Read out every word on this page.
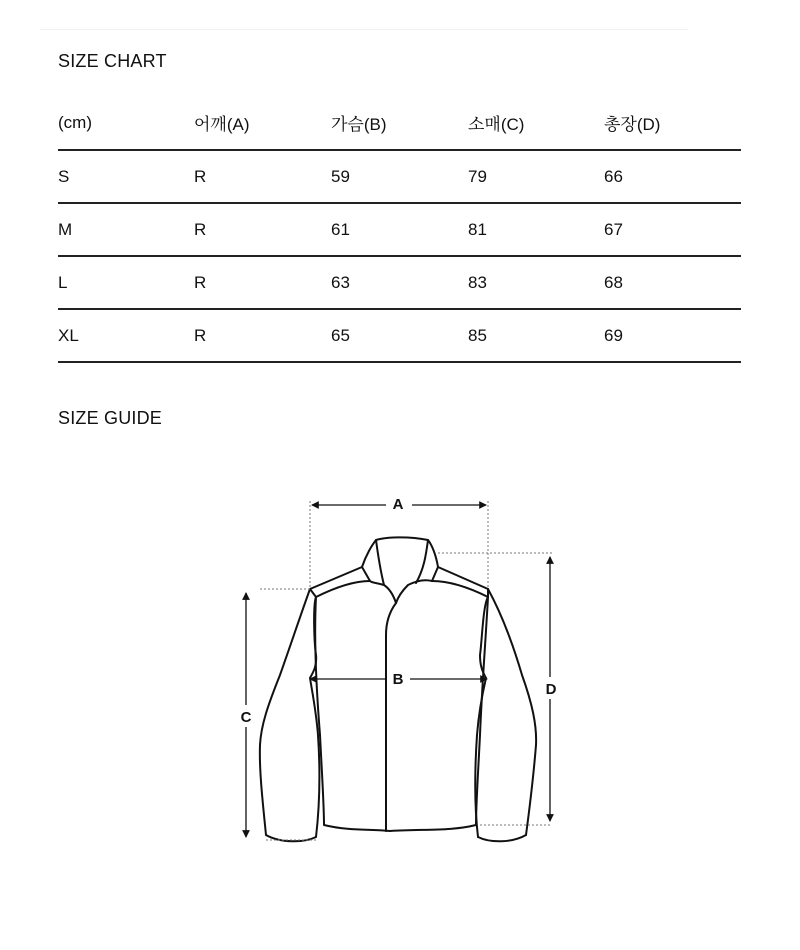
SIZE CHART
(cm)	어깨(A)	가슴(B)	소매(C)	총장(D)
S	R	59	79	66
M	R	61	81	67
L	R	63	83	68
XL	R	65	85	69
SIZE GUIDE
A
B
C
D
